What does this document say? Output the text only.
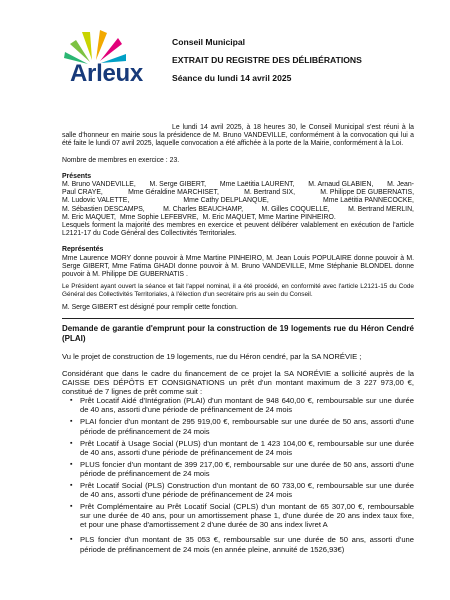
Arleux
Conseil Municipal
EXTRAIT DU REGISTRE DES DÉLIBÉRATIONS
Séance du lundi 14 avril 2025

Le lundi 14 avril 2025, à 18 heures 30, le Conseil Municipal s'est réuni à la salle d'honneur en mairie sous la présidence de M. Bruno VANDEVILLE, conformément à la convocation qui lui a été faite le lundi 07 avril 2025, laquelle convocation a été affichée à la porte de la Mairie, conformément à la Loi.

Nombre de membres en exercice : 23.

Présents

M. Bruno VANDEVILLE, M. Serge GIBERT, Mme Laëtitia LAURENT, M. Arnaud GLABIEN, M. Jean-
Paul CRAYE,	Mme Géraldine MARCHISET,	M. Bertrand SIX,	M. Philippe DE GUBERNATIS,
M. Ludovic VALETTE,	Mme Cathy DELPLANQUE,	Mme Laëtitia PANNECOCKE,
M. Sébastien DESCAMPS,	M. Charles BEAUCHAMP,	M. Gilles COQUELLE,	M. Bertrand MERLIN,
M. Eric MAQUET, Mme Sophie LEFEBVRE, M. Eric MAQUET, Mme Martine PINHEIRO.

Lesquels forment la majorité des membres en exercice et peuvent délibérer valablement en exécution de l'article L2121-17 du Code Général des Collectivités Territoriales.

Représentés

Mme Laurence MORY donne pouvoir à Mme Martine PINHEIRO, M. Jean Louis POPULAIRE donne pouvoir à M. Serge GIBERT, Mme Fatima GHADI donne pouvoir à M. Bruno VANDEVILLE, Mme Stéphanie BLONDEL donne pouvoir à M. Philippe DE GUBERNATIS .

Le Président ayant ouvert la séance et fait l'appel nominal, il a été procédé, en conformité avec l'article L2121-15 du Code Général des Collectivités Territoriales, à l'élection d'un secrétaire pris au sein du Conseil.

M. Serge GIBERT est désigné pour remplir cette fonction.

Demande de garantie d'emprunt pour la construction de 19 logements rue du Héron Cendré (PLAI)

Vu le projet de construction de 19 logements, rue du Héron cendré, par la SA NORÉVIE ;

Considérant que dans le cadre du financement de ce projet la SA NORÉVIE a sollicité auprès de la CAISSE DES DÉPÔTS ET CONSIGNATIONS un prêt d'un montant maximum de 3 227 973,00 €, constitué de 7 lignes de prêt comme suit :

▪ Prêt Locatif Aidé d'Intégration (PLAI) d'un montant de 948 640,00 €, remboursable sur une durée de 40 ans, assorti d'une période de préfinancement de 24 mois
▪ PLAI foncier d'un montant de 295 919,00 €, remboursable sur une durée de 50 ans, assorti d'une période de préfinancement de 24 mois
▪ Prêt Locatif à Usage Social (PLUS) d'un montant de 1 423 104,00 €, remboursable sur une durée de 40 ans, assorti d'une période de préfinancement de 24 mois
▪ PLUS foncier d'un montant de 399 217,00 €, remboursable sur une durée de 50 ans, assorti d'une période de préfinancement de 24 mois
▪ Prêt Locatif Social (PLS) Construction d'un montant de 60 733,00 €, remboursable sur une durée de 40 ans, assorti d'une période de préfinancement de 24 mois
▪ Prêt Complémentaire au Prêt Locatif Social (CPLS) d'un montant de 65 307,00 €, remboursable sur une durée de 40 ans, pour un amortissement phase 1, d'une durée de 20 ans index taux fixe, et pour une phase d'amortissement 2 d'une durée de 30 ans index livret A
▪ PLS foncier d'un montant de 35 053 €, remboursable sur une durée de 50 ans, assorti d'une période de préfinancement de 24 mois (en année pleine, annuité de 1526,93€)
